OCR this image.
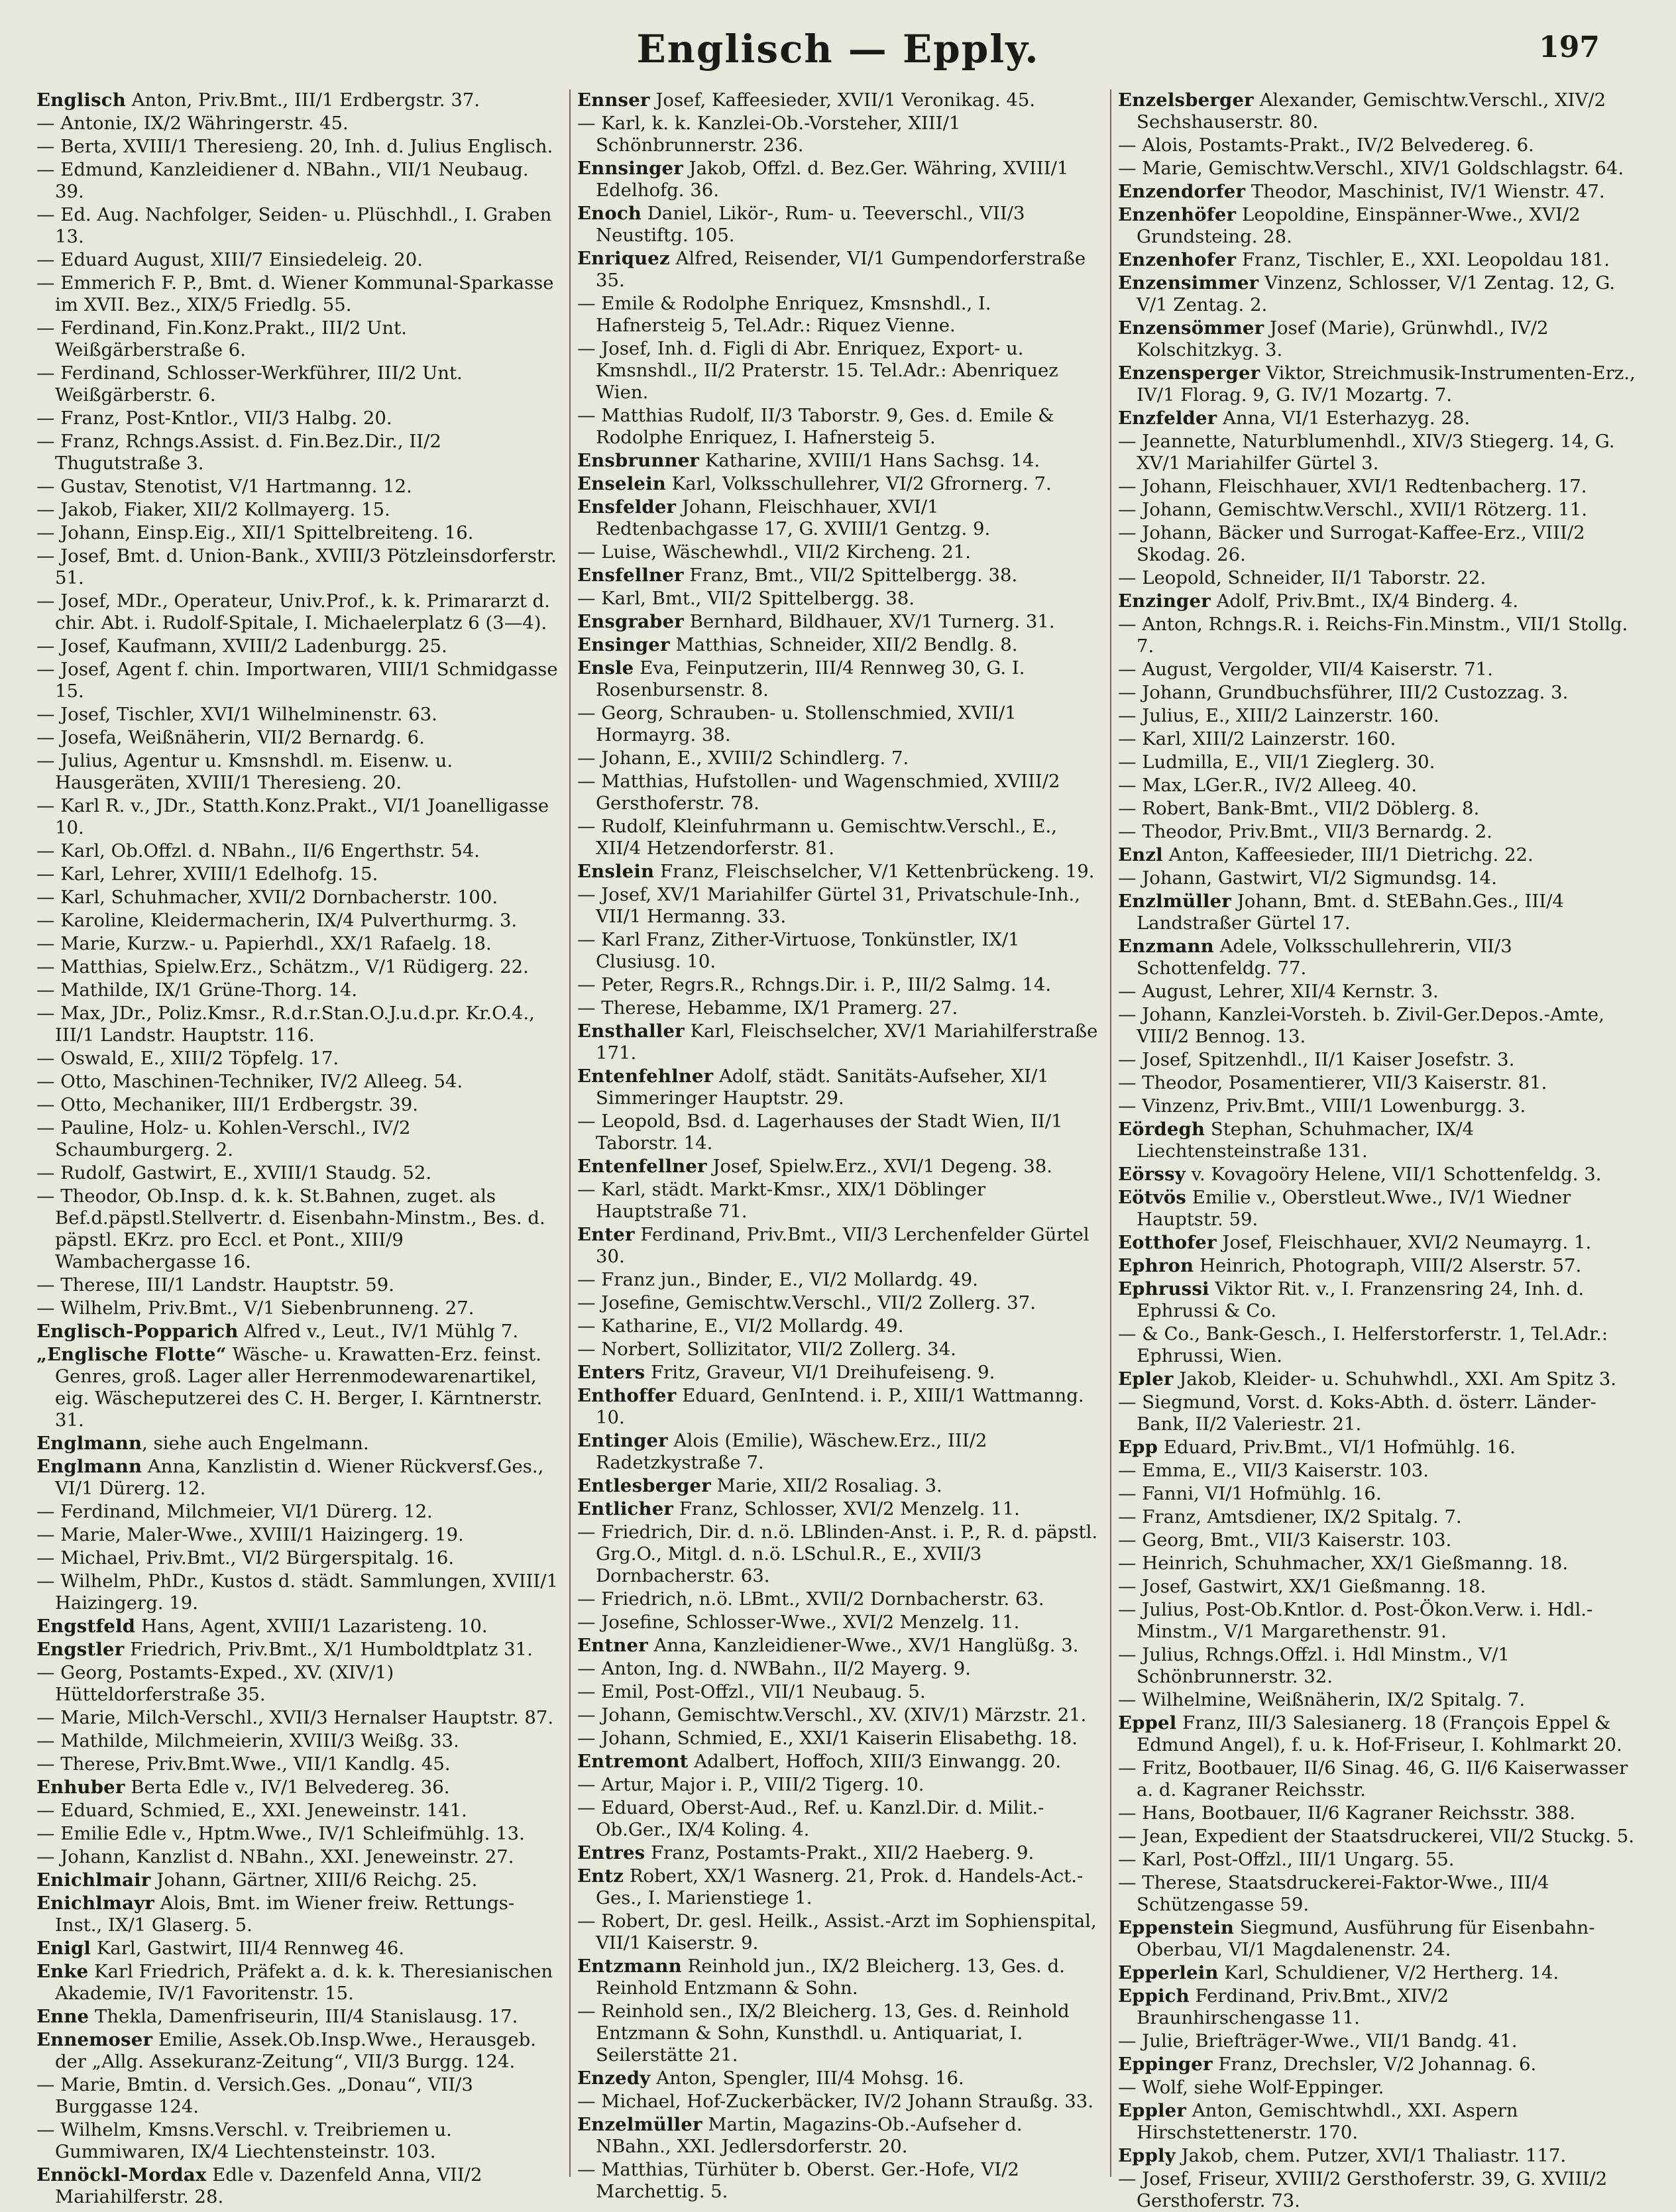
Englisch — Epply.	197

Englisch Anton, Priv.Bmt., III/1 Erdbergstr. 37.

— Antonie, IX/2 Währingerstr. 45.

— Berta, XVIII/1 Theresieng. 20, Inh. d. Julius Englisch.

— Edmund, Kanzleidiener d. NBahn., VII/1 Neubaug. 39.

— Ed. Aug. Nachfolger, Seiden- u. Plüschhdl., I. Graben 13.

— Eduard August, XIII/7 Einsiedeleig. 20.

— Emmerich F. P., Bmt. d. Wiener Kommunal-Sparkasse im XVII. Bez., XIX/5 Friedlg. 55.

— Ferdinand, Fin.Konz.Prakt., III/2 Unt. Weißgärberstraße 6.

— Ferdinand, Schlosser-Werkführer, III/2 Unt. Weißgärberstr. 6.

— Franz, Post-Kntlor., VII/3 Halbg. 20.

— Franz, Rchngs.Assist. d. Fin.Bez.Dir., II/2 Thugutstraße 3.

— Gustav, Stenotist, V/1 Hartmanng. 12.

— Jakob, Fiaker, XII/2 Kollmayerg. 15.

— Johann, Einsp.Eig., XII/1 Spittelbreiteng. 16.

— Josef, Bmt. d. Union-Bank., XVIII/3 Pötzleinsdorferstr. 51.

— Josef, MDr., Operateur, Univ.Prof., k. k. Primararzt d. chir. Abt. i. Rudolf-Spitale, I. Michaelerplatz 6 (3—4).

— Josef, Kaufmann, XVIII/2 Ladenburgg. 25.

— Josef, Agent f. chin. Importwaren, VIII/1 Schmidgasse 15.

— Josef, Tischler, XVI/1 Wilhelminenstr. 63.

— Josefa, Weißnäherin, VII/2 Bernardg. 6.

— Julius, Agentur u. Kmsnshdl. m. Eisenw. u. Hausgeräten, XVIII/1 Theresieng. 20.

— Karl R. v., JDr., Statth.Konz.Prakt., VI/1 Joanelligasse 10.

— Karl, Ob.Offzl. d. NBahn., II/6 Engerthstr. 54.

— Karl, Lehrer, XVIII/1 Edelhofg. 15.

— Karl, Schuhmacher, XVII/2 Dornbacherstr. 100.

— Karoline, Kleidermacherin, IX/4 Pulverthurmg. 3.

— Marie, Kurzw.- u. Papierhdl., XX/1 Rafaelg. 18.

— Matthias, Spielw.Erz., Schätzm., V/1 Rüdigerg. 22.

— Mathilde, IX/1 Grüne-Thorg. 14.

— Max, JDr., Poliz.Kmsr., R.d.r.Stan.O.J.u.d.pr. Kr.O.4., III/1 Landstr. Hauptstr. 116.

— Oswald, E., XIII/2 Töpfelg. 17.

— Otto, Maschinen-Techniker, IV/2 Alleeg. 54.

— Otto, Mechaniker, III/1 Erdbergstr. 39.

— Pauline, Holz- u. Kohlen-Verschl., IV/2 Schaumburgerg. 2.

— Rudolf, Gastwirt, E., XVIII/1 Staudg. 52.

— Theodor, Ob.Insp. d. k. k. St.Bahnen, zuget. als Bef.d.päpstl.Stellvertr. d. Eisenbahn-Minstm., Bes. d. päpstl. EKrz. pro Eccl. et Pont., XIII/9 Wambachergasse 16.

— Therese, III/1 Landstr. Hauptstr. 59.

— Wilhelm, Priv.Bmt., V/1 Siebenbrunneng. 27.

Englisch-Popparich Alfred v., Leut., IV/1 Mühlg 7.

„Englische Flotte“ Wäsche- u. Krawatten-Erz. feinst. Genres, groß. Lager aller Herrenmodewarenartikel, eig. Wäscheputzerei des C. H. Berger, I. Kärntnerstr. 31.

Englmann, siehe auch Engelmann.

Englmann Anna, Kanzlistin d. Wiener Rückversf.Ges., VI/1 Dürerg. 12.

— Ferdinand, Milchmeier, VI/1 Dürerg. 12.

— Marie, Maler-Wwe., XVIII/1 Haizingerg. 19.

— Michael, Priv.Bmt., VI/2 Bürgerspitalg. 16.

— Wilhelm, PhDr., Kustos d. städt. Sammlungen, XVIII/1 Haizingerg. 19.

Engstfeld Hans, Agent, XVIII/1 Lazaristeng. 10.

Engstler Friedrich, Priv.Bmt., X/1 Humboldtplatz 31.

— Georg, Postamts-Exped., XV. (XIV/1) Hütteldorferstraße 35.

— Marie, Milch-Verschl., XVII/3 Hernalser Hauptstr. 87.

— Mathilde, Milchmeierin, XVIII/3 Weißg. 33.

— Therese, Priv.Bmt.Wwe., VII/1 Kandlg. 45.

Enhuber Berta Edle v., IV/1 Belvedereg. 36.

— Eduard, Schmied, E., XXI. Jeneweinstr. 141.

— Emilie Edle v., Hptm.Wwe., IV/1 Schleifmühlg. 13.

— Johann, Kanzlist d. NBahn., XXI. Jeneweinstr. 27.

Enichlmair Johann, Gärtner, XIII/6 Reichg. 25.

Enichlmayr Alois, Bmt. im Wiener freiw. Rettungs-Inst., IX/1 Glaserg. 5.

Enigl Karl, Gastwirt, III/4 Rennweg 46.

Enke Karl Friedrich, Präfekt a. d. k. k. Theresianischen Akademie, IV/1 Favoritenstr. 15.

Enne Thekla, Damenfriseurin, III/4 Stanislausg. 17.

Ennemoser Emilie, Assek.Ob.Insp.Wwe., Herausgeb. der „Allg. Assekuranz-Zeitung“, VII/3 Burgg. 124.

— Marie, Bmtin. d. Versich.Ges. „Donau“, VII/3 Burggasse 124.

— Wilhelm, Kmsns.Verschl. v. Treibriemen u. Gummiwaren, IX/4 Liechtensteinstr. 103.

Ennöckl-Mordax Edle v. Dazenfeld Anna, VII/2 Mariahilferstr. 28.

Ennser Josef, Kaffeesieder, XVII/1 Veronikag. 45.

— Karl, k. k. Kanzlei-Ob.-Vorsteher, XIII/1 Schönbrunnerstr. 236.

Ennsinger Jakob, Offzl. d. Bez.Ger. Währing, XVIII/1 Edelhofg. 36.

Enoch Daniel, Likör-, Rum- u. Teeverschl., VII/3 Neustiftg. 105.

Enriquez Alfred, Reisender, VI/1 Gumpendorferstraße 35.

— Emile & Rodolphe Enriquez, Kmsnshdl., I. Hafnersteig 5, Tel.Adr.: Riquez Vienne.

— Josef, Inh. d. Figli di Abr. Enriquez, Export- u. Kmsnshdl., II/2 Praterstr. 15. Tel.Adr.: Abenriquez Wien.

— Matthias Rudolf, II/3 Taborstr. 9, Ges. d. Emile & Rodolphe Enriquez, I. Hafnersteig 5.

Ensbrunner Katharine, XVIII/1 Hans Sachsg. 14.

Enselein Karl, Volksschullehrer, VI/2 Gfrornerg. 7.

Ensfelder Johann, Fleischhauer, XVI/1 Redtenbachgasse 17, G. XVIII/1 Gentzg. 9.

— Luise, Wäschewhdl., VII/2 Kircheng. 21.

Ensfellner Franz, Bmt., VII/2 Spittelbergg. 38.

— Karl, Bmt., VII/2 Spittelbergg. 38.

Ensgraber Bernhard, Bildhauer, XV/1 Turnerg. 31.

Ensinger Matthias, Schneider, XII/2 Bendlg. 8.

Ensle Eva, Feinputzerin, III/4 Rennweg 30, G. I. Rosenbursenstr. 8.

— Georg, Schrauben- u. Stollenschmied, XVII/1 Hormayrg. 38.

— Johann, E., XVIII/2 Schindlerg. 7.

— Matthias, Hufstollen- und Wagenschmied, XVIII/2 Gersthoferstr. 78.

— Rudolf, Kleinfuhrmann u. Gemischtw.Verschl., E., XII/4 Hetzendorferstr. 81.

Enslein Franz, Fleischselcher, V/1 Kettenbrückeng. 19.

— Josef, XV/1 Mariahilfer Gürtel 31, Privatschule-Inh., VII/1 Hermanng. 33.

— Karl Franz, Zither-Virtuose, Tonkünstler, IX/1 Clusiusg. 10.

— Peter, Regrs.R., Rchngs.Dir. i. P., III/2 Salmg. 14.

— Therese, Hebamme, IX/1 Pramerg. 27.

Ensthaller Karl, Fleischselcher, XV/1 Mariahilferstraße 171.

Entenfehlner Adolf, städt. Sanitäts-Aufseher, XI/1 Simmeringer Hauptstr. 29.

— Leopold, Bsd. d. Lagerhauses der Stadt Wien, II/1 Taborstr. 14.

Entenfellner Josef, Spielw.Erz., XVI/1 Degeng. 38.

— Karl, städt. Markt-Kmsr., XIX/1 Döblinger Hauptstraße 71.

Enter Ferdinand, Priv.Bmt., VII/3 Lerchenfelder Gürtel 30.

— Franz jun., Binder, E., VI/2 Mollardg. 49.

— Josefine, Gemischtw.Verschl., VII/2 Zollerg. 37.

— Katharine, E., VI/2 Mollardg. 49.

— Norbert, Sollizitator, VII/2 Zollerg. 34.

Enters Fritz, Graveur, VI/1 Dreihufeiseng. 9.

Enthoffer Eduard, GenIntend. i. P., XIII/1 Wattmanng. 10.

Entinger Alois (Emilie), Wäschew.Erz., III/2 Radetzkystraße 7.

Entlesberger Marie, XII/2 Rosaliag. 3.

Entlicher Franz, Schlosser, XVI/2 Menzelg. 11.

— Friedrich, Dir. d. n.ö. LBlinden-Anst. i. P., R. d. päpstl. Grg.O., Mitgl. d. n.ö. LSchul.R., E., XVII/3 Dornbacherstr. 63.

— Friedrich, n.ö. LBmt., XVII/2 Dornbacherstr. 63.

— Josefine, Schlosser-Wwe., XVI/2 Menzelg. 11.

Entner Anna, Kanzleidiener-Wwe., XV/1 Hanglüßg. 3.

— Anton, Ing. d. NWBahn., II/2 Mayerg. 9.

— Emil, Post-Offzl., VII/1 Neubaug. 5.

— Johann, Gemischtw.Verschl., XV. (XIV/1) Märzstr. 21.

— Johann, Schmied, E., XXI/1 Kaiserin Elisabethg. 18.

Entremont Adalbert, Hoffoch, XIII/3 Einwangg. 20.

— Artur, Major i. P., VIII/2 Tigerg. 10.

— Eduard, Oberst-Aud., Ref. u. Kanzl.Dir. d. Milit.-Ob.Ger., IX/4 Koling. 4.

Entres Franz, Postamts-Prakt., XII/2 Haeberg. 9.

Entz Robert, XX/1 Wasnerg. 21, Prok. d. Handels-Act.-Ges., I. Marienstiege 1.

— Robert, Dr. gesl. Heilk., Assist.-Arzt im Sophienspital, VII/1 Kaiserstr. 9.

Entzmann Reinhold jun., IX/2 Bleicherg. 13, Ges. d. Reinhold Entzmann & Sohn.

— Reinhold sen., IX/2 Bleicherg. 13, Ges. d. Reinhold Entzmann & Sohn, Kunsthdl. u. Antiquariat, I. Seilerstätte 21.

Enzedy Anton, Spengler, III/4 Mohsg. 16.

— Michael, Hof-Zuckerbäcker, IV/2 Johann Straußg. 33.

Enzelmüller Martin, Magazins-Ob.-Aufseher d. NBahn., XXI. Jedlersdorferstr. 20.

— Matthias, Türhüter b. Oberst. Ger.-Hofe, VI/2 Marchettig. 5.

Enzelsberger Alexander, Gemischtw.Verschl., XIV/2 Sechshauserstr. 80.

— Alois, Postamts-Prakt., IV/2 Belvedereg. 6.

— Marie, Gemischtw.Verschl., XIV/1 Goldschlagstr. 64.

Enzendorfer Theodor, Maschinist, IV/1 Wienstr. 47.

Enzenhöfer Leopoldine, Einspänner-Wwe., XVI/2 Grundsteing. 28.

Enzenhofer Franz, Tischler, E., XXI. Leopoldau 181.

Enzensimmer Vinzenz, Schlosser, V/1 Zentag. 12, G. V/1 Zentag. 2.

Enzensömmer Josef (Marie), Grünwhdl., IV/2 Kolschitzkyg. 3.

Enzensperger Viktor, Streichmusik-Instrumenten-Erz., IV/1 Florag. 9, G. IV/1 Mozartg. 7.

Enzfelder Anna, VI/1 Esterhazyg. 28.

— Jeannette, Naturblumenhdl., XIV/3 Stiegerg. 14, G. XV/1 Mariahilfer Gürtel 3.

— Johann, Fleischhauer, XVI/1 Redtenbacherg. 17.

— Johann, Gemischtw.Verschl., XVII/1 Rötzerg. 11.

— Johann, Bäcker und Surrogat-Kaffee-Erz., VIII/2 Skodag. 26.

— Leopold, Schneider, II/1 Taborstr. 22.

Enzinger Adolf, Priv.Bmt., IX/4 Binderg. 4.

— Anton, Rchngs.R. i. Reichs-Fin.Minstm., VII/1 Stollg. 7.

— August, Vergolder, VII/4 Kaiserstr. 71.

— Johann, Grundbuchsführer, III/2 Custozzag. 3.

— Julius, E., XIII/2 Lainzerstr. 160.

— Karl, XIII/2 Lainzerstr. 160.

— Ludmilla, E., VII/1 Zieglerg. 30.

— Max, LGer.R., IV/2 Alleeg. 40.

— Robert, Bank-Bmt., VII/2 Döblerg. 8.

— Theodor, Priv.Bmt., VII/3 Bernardg. 2.

Enzl Anton, Kaffeesieder, III/1 Dietrichg. 22.

— Johann, Gastwirt, VI/2 Sigmundsg. 14.

Enzlmüller Johann, Bmt. d. StEBahn.Ges., III/4 Landstraßer Gürtel 17.

Enzmann Adele, Volksschullehrerin, VII/3 Schottenfeldg. 77.

— August, Lehrer, XII/4 Kernstr. 3.

— Johann, Kanzlei-Vorsteh. b. Zivil-Ger.Depos.-Amte, VIII/2 Bennog. 13.

— Josef, Spitzenhdl., II/1 Kaiser Josefstr. 3.

— Theodor, Posamentierer, VII/3 Kaiserstr. 81.

— Vinzenz, Priv.Bmt., VIII/1 Lowenburgg. 3.

Eördegh Stephan, Schuhmacher, IX/4 Liechtensteinstraße 131.

Eörssy v. Kovagoöry Helene, VII/1 Schottenfeldg. 3.

Eötvös Emilie v., Oberstleut.Wwe., IV/1 Wiedner Hauptstr. 59.

Eotthofer Josef, Fleischhauer, XVI/2 Neumayrg. 1.

Ephron Heinrich, Photograph, VIII/2 Alserstr. 57.

Ephrussi Viktor Rit. v., I. Franzensring 24, Inh. d. Ephrussi & Co.

— & Co., Bank-Gesch., I. Helferstorferstr. 1, Tel.Adr.: Ephrussi, Wien.

Epler Jakob, Kleider- u. Schuhwhdl., XXI. Am Spitz 3.

— Siegmund, Vorst. d. Koks-Abth. d. österr. Länder-Bank, II/2 Valeriestr. 21.

Epp Eduard, Priv.Bmt., VI/1 Hofmühlg. 16.

— Emma, E., VII/3 Kaiserstr. 103.

— Fanni, VI/1 Hofmühlg. 16.

— Franz, Amtsdiener, IX/2 Spitalg. 7.

— Georg, Bmt., VII/3 Kaiserstr. 103.

— Heinrich, Schuhmacher, XX/1 Gießmanng. 18.

— Josef, Gastwirt, XX/1 Gießmanng. 18.

— Julius, Post-Ob.Kntlor. d. Post-Ökon.Verw. i. Hdl.-Minstm., V/1 Margarethenstr. 91.

— Julius, Rchngs.Offzl. i. Hdl Minstm., V/1 Schönbrunnerstr. 32.

— Wilhelmine, Weißnäherin, IX/2 Spitalg. 7.

Eppel Franz, III/3 Salesianerg. 18 (François Eppel & Edmund Angel), f. u. k. Hof-Friseur, I. Kohlmarkt 20.

— Fritz, Bootbauer, II/6 Sinag. 46, G. II/6 Kaiserwasser a. d. Kagraner Reichsstr.

— Hans, Bootbauer, II/6 Kagraner Reichsstr. 388.

— Jean, Expedient der Staatsdruckerei, VII/2 Stuckg. 5.

— Karl, Post-Offzl., III/1 Ungarg. 55.

— Therese, Staatsdruckerei-Faktor-Wwe., III/4 Schützengasse 59.

Eppenstein Siegmund, Ausführung für Eisenbahn-Oberbau, VI/1 Magdalenenstr. 24.

Epperlein Karl, Schuldiener, V/2 Hertherg. 14.

Eppich Ferdinand, Priv.Bmt., XIV/2 Braunhirschengasse 11.

— Julie, Briefträger-Wwe., VII/1 Bandg. 41.

Eppinger Franz, Drechsler, V/2 Johannag. 6.

— Wolf, siehe Wolf-Eppinger.

Eppler Anton, Gemischtwhdl., XXI. Aspern Hirschstettenerstr. 170.

Epply Jakob, chem. Putzer, XVI/1 Thaliastr. 117.

— Josef, Friseur, XVIII/2 Gersthoferstr. 39, G. XVIII/2 Gersthoferstr. 73.
